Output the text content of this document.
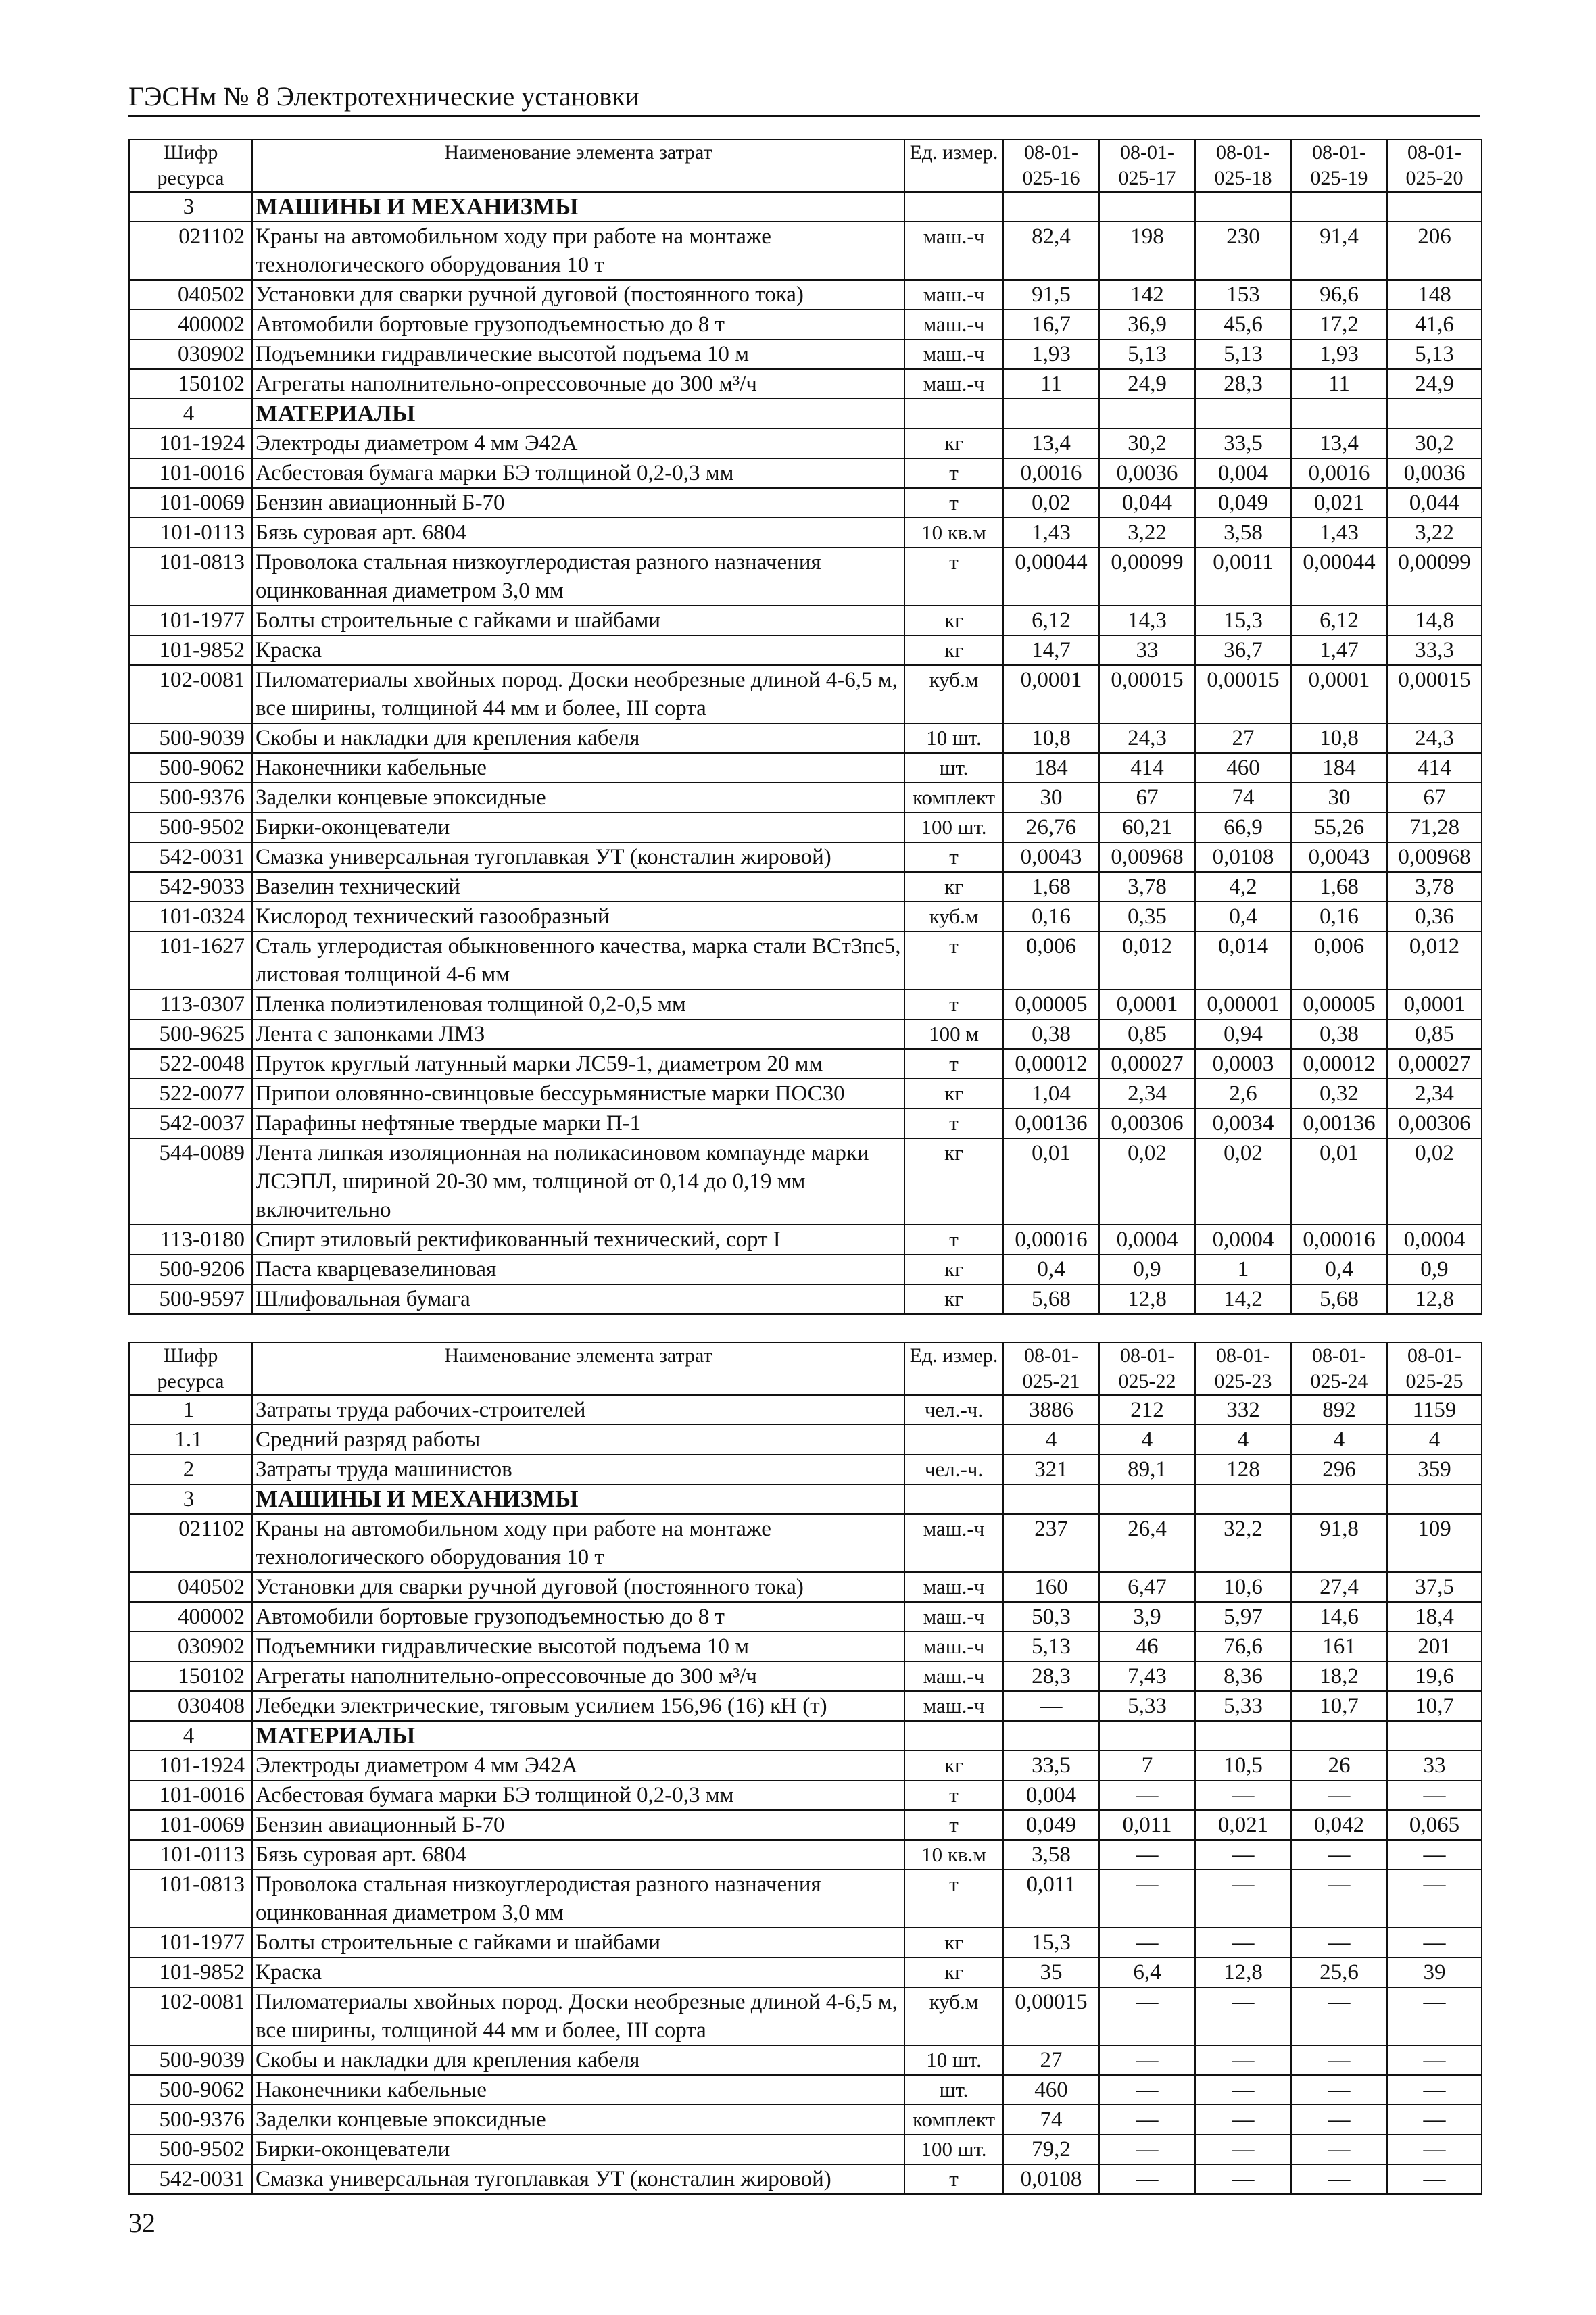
ГЭСНм № 8 Электротехнические установки
Шифр ресурса	Наименование элемента затрат	Ед. измер.	08-01-025-16	08-01-025-17	08-01-025-18	08-01-025-19	08-01-025-20
3	МАШИНЫ И МЕХАНИЗМЫ						
021102	Краны на автомобильном ходу при работе на монтаже технологического оборудования 10 т	маш.-ч	82,4	198	230	91,4	206
040502	Установки для сварки ручной дуговой (постоянного тока)	маш.-ч	91,5	142	153	96,6	148
400002	Автомобили бортовые грузоподъемностью до 8 т	маш.-ч	16,7	36,9	45,6	17,2	41,6
030902	Подъемники гидравлические высотой подъема 10 м	маш.-ч	1,93	5,13	5,13	1,93	5,13
150102	Агрегаты наполнительно-опрессовочные до 300 м³/ч	маш.-ч	11	24,9	28,3	11	24,9
4	МАТЕРИАЛЫ						
101-1924	Электроды диаметром 4 мм Э42А	кг	13,4	30,2	33,5	13,4	30,2
101-0016	Асбестовая бумага марки БЭ толщиной 0,2-0,3 мм	т	0,0016	0,0036	0,004	0,0016	0,0036
101-0069	Бензин авиационный Б-70	т	0,02	0,044	0,049	0,021	0,044
101-0113	Бязь суровая арт. 6804	10 кв.м	1,43	3,22	3,58	1,43	3,22
101-0813	Проволока стальная низкоуглеродистая разного назначения оцинкованная диаметром 3,0 мм	т	0,00044	0,00099	0,0011	0,00044	0,00099
101-1977	Болты строительные с гайками и шайбами	кг	6,12	14,3	15,3	6,12	14,8
101-9852	Краска	кг	14,7	33	36,7	1,47	33,3
102-0081	Пиломатериалы хвойных пород. Доски необрезные длиной 4-6,5 м, все ширины, толщиной 44 мм и более, III сорта	куб.м	0,0001	0,00015	0,00015	0,0001	0,00015
500-9039	Скобы и накладки для крепления кабеля	10 шт.	10,8	24,3	27	10,8	24,3
500-9062	Наконечники кабельные	шт.	184	414	460	184	414
500-9376	Заделки концевые эпоксидные	комплект	30	67	74	30	67
500-9502	Бирки-оконцеватели	100 шт.	26,76	60,21	66,9	55,26	71,28
542-0031	Смазка универсальная тугоплавкая УТ (консталин жировой)	т	0,0043	0,00968	0,0108	0,0043	0,00968
542-9033	Вазелин технический	кг	1,68	3,78	4,2	1,68	3,78
101-0324	Кислород технический газообразный	куб.м	0,16	0,35	0,4	0,16	0,36
101-1627	Сталь углеродистая обыкновенного качества, марка стали ВСт3пс5, листовая толщиной 4-6 мм	т	0,006	0,012	0,014	0,006	0,012
113-0307	Пленка полиэтиленовая толщиной 0,2-0,5 мм	т	0,00005	0,0001	0,00001	0,00005	0,0001
500-9625	Лента с запонками ЛМЗ	100 м	0,38	0,85	0,94	0,38	0,85
522-0048	Пруток круглый латунный марки ЛС59-1, диаметром 20 мм	т	0,00012	0,00027	0,0003	0,00012	0,00027
522-0077	Припои оловянно-свинцовые бессурьмянистые марки ПОС30	кг	1,04	2,34	2,6	0,32	2,34
542-0037	Парафины нефтяные твердые марки П-1	т	0,00136	0,00306	0,0034	0,00136	0,00306
544-0089	Лента липкая изоляционная на поликасиновом компаунде марки ЛСЭПЛ, шириной 20-30 мм, толщиной от 0,14 до 0,19 мм включительно	кг	0,01	0,02	0,02	0,01	0,02
113-0180	Спирт этиловый ректификованный технический, сорт I	т	0,00016	0,0004	0,0004	0,00016	0,0004
500-9206	Паста кварцевазелиновая	кг	0,4	0,9	1	0,4	0,9
500-9597	Шлифовальная бумага	кг	5,68	12,8	14,2	5,68	12,8
Шифр ресурса	Наименование элемента затрат	Ед. измер.	08-01-025-21	08-01-025-22	08-01-025-23	08-01-025-24	08-01-025-25
1	Затраты труда рабочих-строителей	чел.-ч.	3886	212	332	892	1159
1.1	Средний разряд работы		4	4	4	4	4
2	Затраты труда машинистов	чел.-ч.	321	89,1	128	296	359
3	МАШИНЫ И МЕХАНИЗМЫ						
021102	Краны на автомобильном ходу при работе на монтаже технологического оборудования 10 т	маш.-ч	237	26,4	32,2	91,8	109
040502	Установки для сварки ручной дуговой (постоянного тока)	маш.-ч	160	6,47	10,6	27,4	37,5
400002	Автомобили бортовые грузоподъемностью до 8 т	маш.-ч	50,3	3,9	5,97	14,6	18,4
030902	Подъемники гидравлические высотой подъема 10 м	маш.-ч	5,13	46	76,6	161	201
150102	Агрегаты наполнительно-опрессовочные до 300 м³/ч	маш.-ч	28,3	7,43	8,36	18,2	19,6
030408	Лебедки электрические, тяговым усилием 156,96 (16) кН (т)	маш.-ч	—	5,33	5,33	10,7	10,7
4	МАТЕРИАЛЫ						
101-1924	Электроды диаметром 4 мм Э42А	кг	33,5	7	10,5	26	33
101-0016	Асбестовая бумага марки БЭ толщиной 0,2-0,3 мм	т	0,004	—	—	—	—
101-0069	Бензин авиационный Б-70	т	0,049	0,011	0,021	0,042	0,065
101-0113	Бязь суровая арт. 6804	10 кв.м	3,58	—	—	—	—
101-0813	Проволока стальная низкоуглеродистая разного назначения оцинкованная диаметром 3,0 мм	т	0,011	—	—	—	—
101-1977	Болты строительные с гайками и шайбами	кг	15,3	—	—	—	—
101-9852	Краска	кг	35	6,4	12,8	25,6	39
102-0081	Пиломатериалы хвойных пород. Доски необрезные длиной 4-6,5 м, все ширины, толщиной 44 мм и более, III сорта	куб.м	0,00015	—	—	—	—
500-9039	Скобы и накладки для крепления кабеля	10 шт.	27	—	—	—	—
500-9062	Наконечники кабельные	шт.	460	—	—	—	—
500-9376	Заделки концевые эпоксидные	комплект	74	—	—	—	—
500-9502	Бирки-оконцеватели	100 шт.	79,2	—	—	—	—
542-0031	Смазка универсальная тугоплавкая УТ (консталин жировой)	т	0,0108	—	—	—	—
32
